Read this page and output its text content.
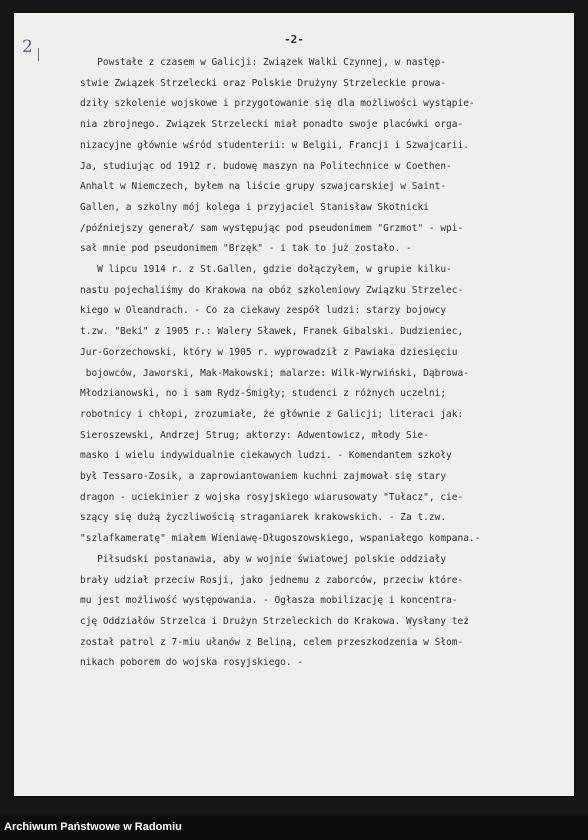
2	-2-
Powstałe z czasem w Galicji: Związek Walki Czynnej, w następ-
stwie Związek Strzelecki oraz Polskie Drużyny Strzeleckie prowa-
dziły szkolenie wojskowe i przygotowanie się dla możliwości wystąpie-
nia zbrojnego. Związek Strzelecki miał ponadto swoje placówki orga-
nizacyjne głównie wśród studenterii: w Belgii, Francji i Szwajcarii.
Ja, studiując od 1912 r. budowę maszyn na Politechnice w Coethen-
Anhalt w Niemczech, byłem na liście grupy szwajcarskiej w Saint-
Gallen, a szkolny mój kolega i przyjaciel Stanisław Skotnicki
/późniejszy generał/ sam występując pod pseudonimem "Grzmot" - wpi-
sał mnie pod pseudonimem "Brzęk" - i tak to już zostało. -
W lipcu 1914 r. z St.Gallen, gdzie dołączyłem, w grupie kilku-
nastu pojechaliśmy do Krakowa na obóz szkoleniowy Związku Strzelec-
kiego w Oleandrach. - Co za ciekawy zespół ludzi: starzy bojowcy
t.zw. "Beki" z 1905 r.: Walery Sławek, Franek Gibalski. Dudzieniec,
Jur-Gorzechowski, który w 1905 r. wyprowadził z Pawiaka dziesięciu
bojowców, Jaworski, Mak-Makowski; malarze: Wilk-Wyrwiński, Dąbrowa-
Młodzianowski, no i sam Rydz-Śmigły; studenci z różnych uczelni;
robotnicy i chłopi, zrozumiałe, że głównie z Galicji; literaci jak:
Sieroszewski, Andrzej Strug; aktorzy: Adwentowicz, młody Sie-
masko i wielu indywidualnie ciekawych ludzi. - Komendantem szkoły
był Tessaro-Zosik, a zaprowiantowaniem kuchni zajmował się stary
dragon - uciekinier z wojska rosyjskiego wiarusowaty "Tułacz", cie-
szący się dużą życzliwością straganiarek krakowskich. - Za t.zw.
"szlafkameratę" miałem Wieniawę-Długoszowskiego, wspaniałego kompana.-
Piłsudski postanawia, aby w wojnie światowej polskie oddziały
brały udział przeciw Rosji, jako jednemu z zaborców, przeciw które-
mu jest możliwość występowania. - Ogłasza mobilizację i koncentra-
cję Oddziałów Strzelca i Drużyn Strzeleckich do Krakowa. Wysłany też
został patrol z 7-miu ułanów z Beliną, celem przeszkodzenia w Słom-
nikach poborem do wojska rosyjskiego. -
Archiwum Państwowe w Radomiu
